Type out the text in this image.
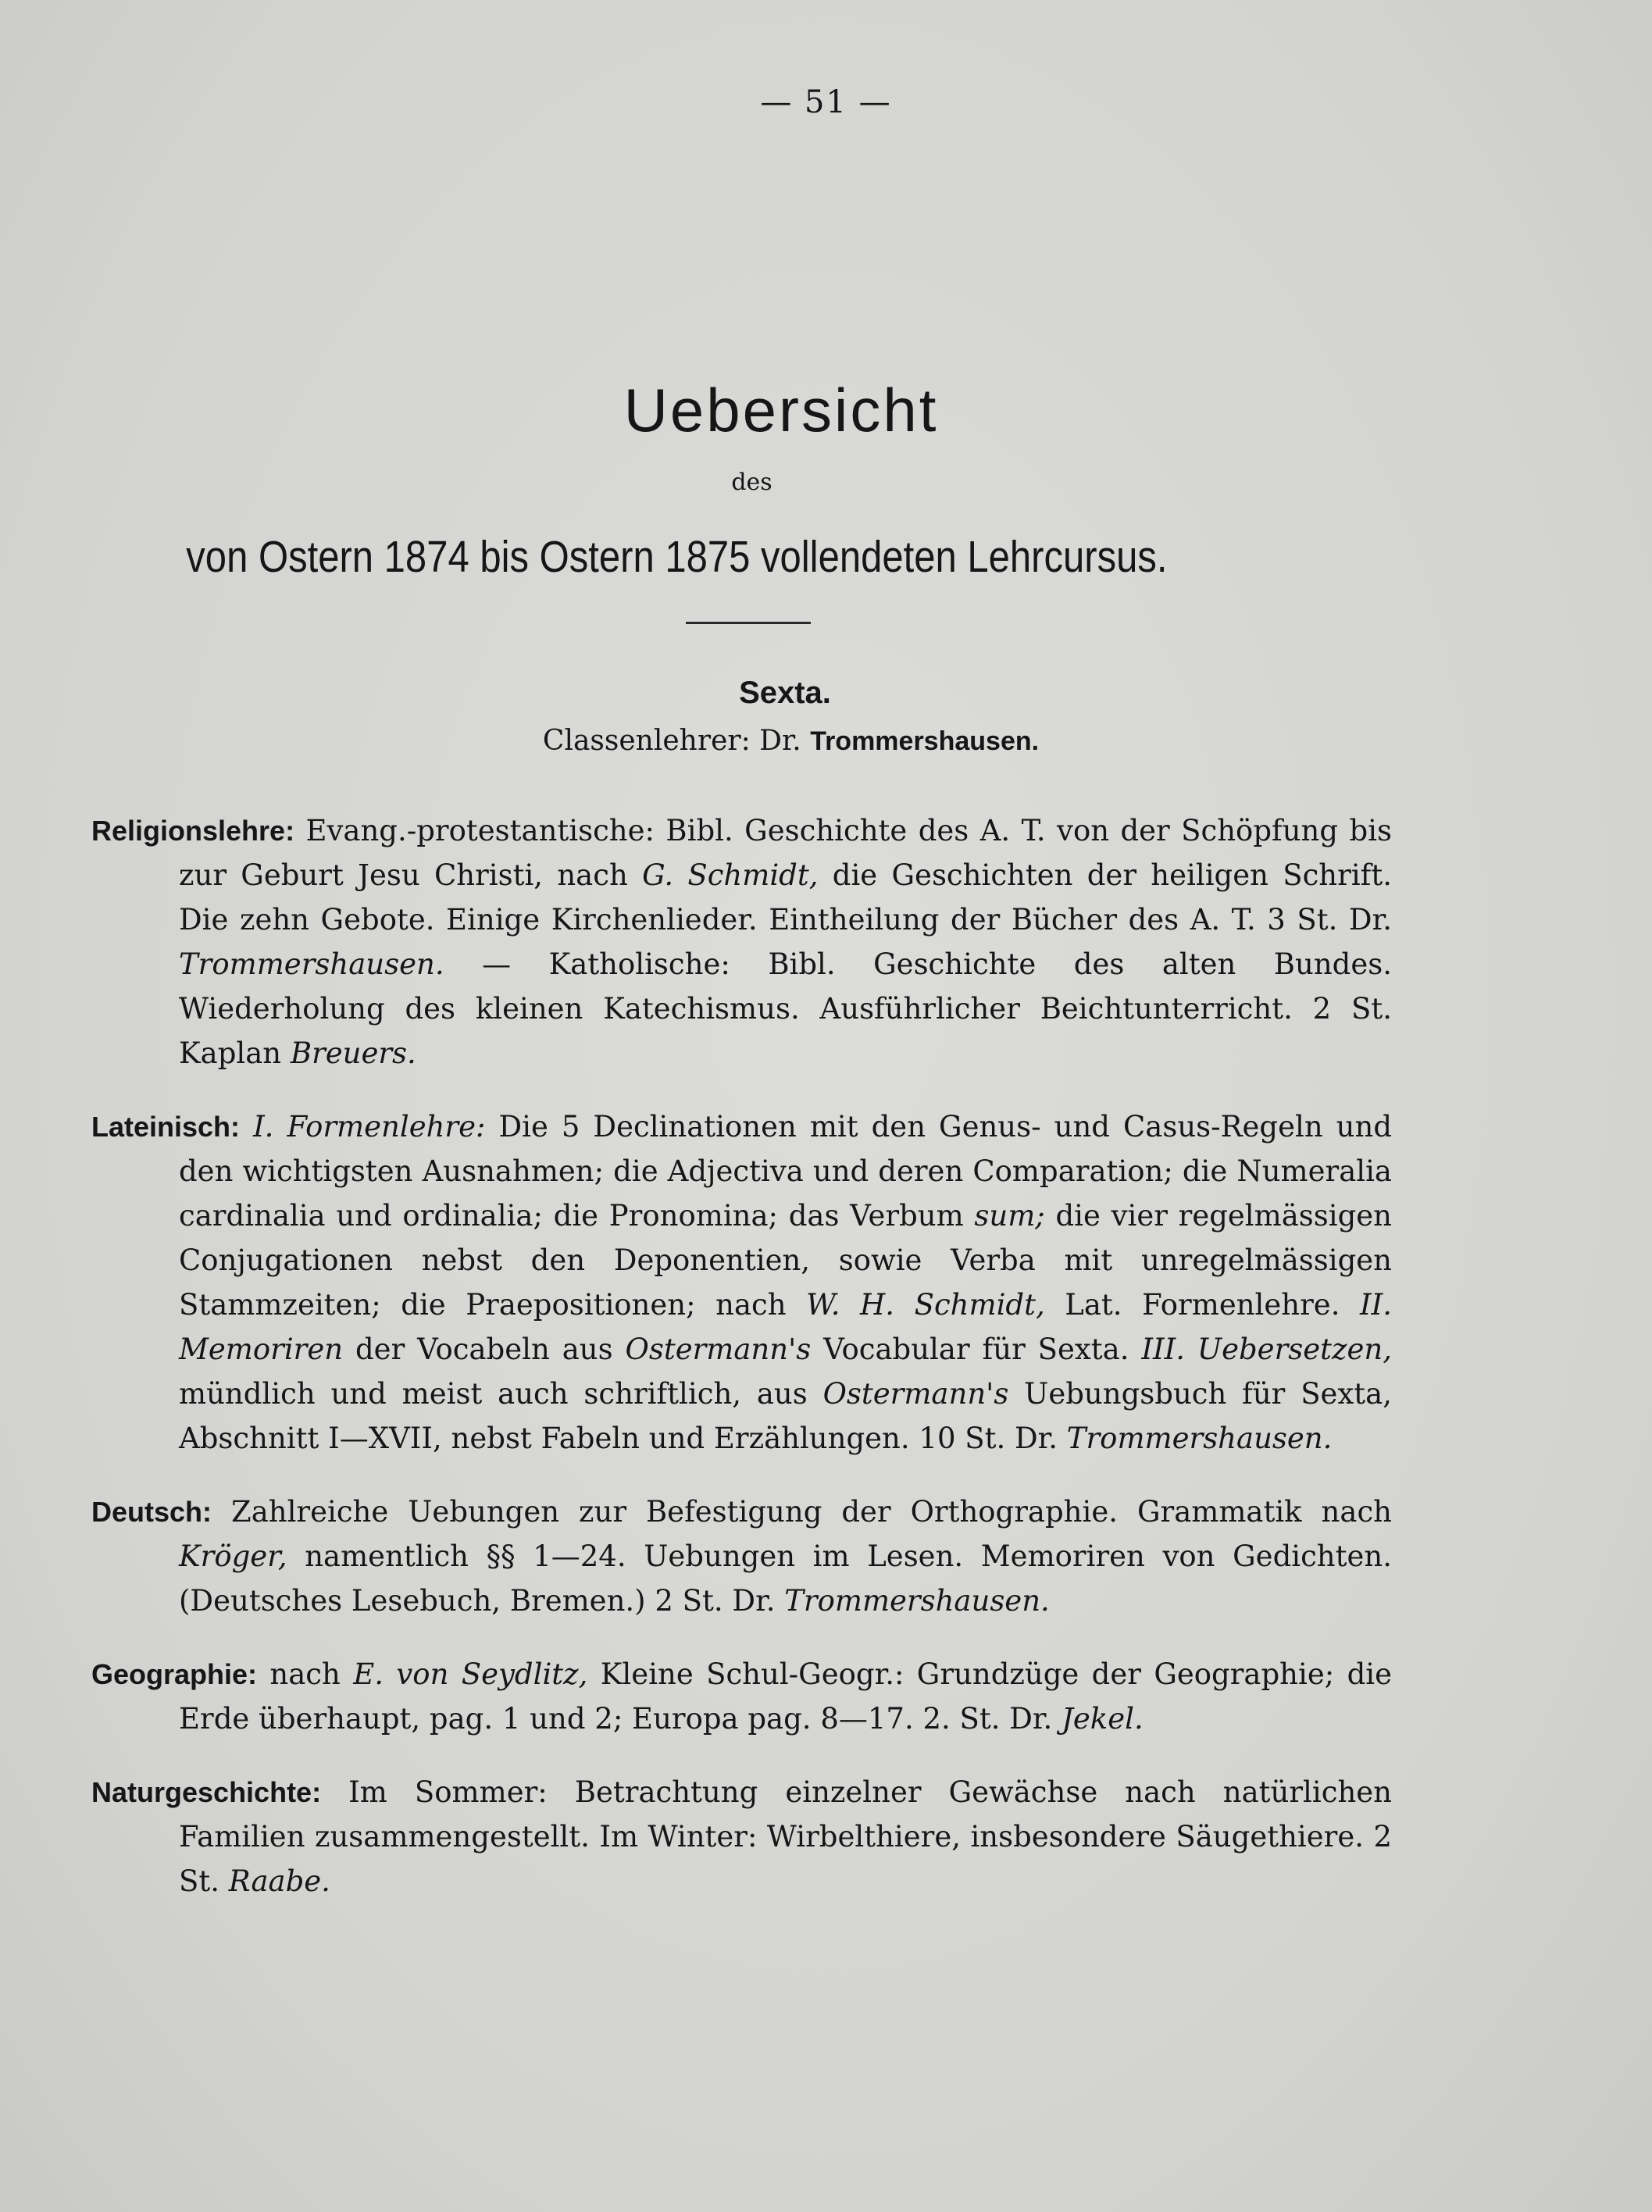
— 51 —
Uebersicht
des
von Ostern 1874 bis Ostern 1875 vollendeten Lehrcursus.
Sexta.
Classenlehrer: Dr. Trommershausen.

Religionslehre: Evang.-protestantische: Bibl. Geschichte des A. T. von der Schöpfung bis zur Geburt Jesu Christi, nach G. Schmidt, die Geschichten der heiligen Schrift. Die zehn Gebote. Einige Kirchenlieder. Eintheilung der Bücher des A. T. 3 St. Dr. Trommershausen. — Katholische: Bibl. Geschichte des alten Bundes. Wiederholung des kleinen Katechismus. Ausführlicher Beichtunterricht. 2 St. Kaplan Breuers.

Lateinisch: I. Formenlehre: Die 5 Declinationen mit den Genus- und Casus-Regeln und den wichtigsten Ausnahmen; die Adjectiva und deren Comparation; die Numeralia cardinalia und ordinalia; die Pronomina; das Verbum sum; die vier regelmässigen Conjugationen nebst den Deponentien, sowie Verba mit unregelmässigen Stammzeiten; die Praepositionen; nach W. H. Schmidt, Lat. Formenlehre. II. Memoriren der Vocabeln aus Ostermann's Vocabular für Sexta. III. Uebersetzen, mündlich und meist auch schriftlich, aus Ostermann's Uebungsbuch für Sexta, Abschnitt I—XVII, nebst Fabeln und Erzählungen. 10 St. Dr. Trommershausen.

Deutsch: Zahlreiche Uebungen zur Befestigung der Orthographie. Grammatik nach Kröger, namentlich §§ 1—24. Uebungen im Lesen. Memoriren von Gedichten. (Deutsches Lesebuch, Bremen.) 2 St. Dr. Trommershausen.

Geographie: nach E. von Seydlitz, Kleine Schul-Geogr.: Grundzüge der Geographie; die Erde überhaupt, pag. 1 und 2; Europa pag. 8—17. 2. St. Dr. Jekel.

Naturgeschichte: Im Sommer: Betrachtung einzelner Gewächse nach natürlichen Familien zusammengestellt. Im Winter: Wirbelthiere, insbesondere Säugethiere. 2 St. Raabe.
